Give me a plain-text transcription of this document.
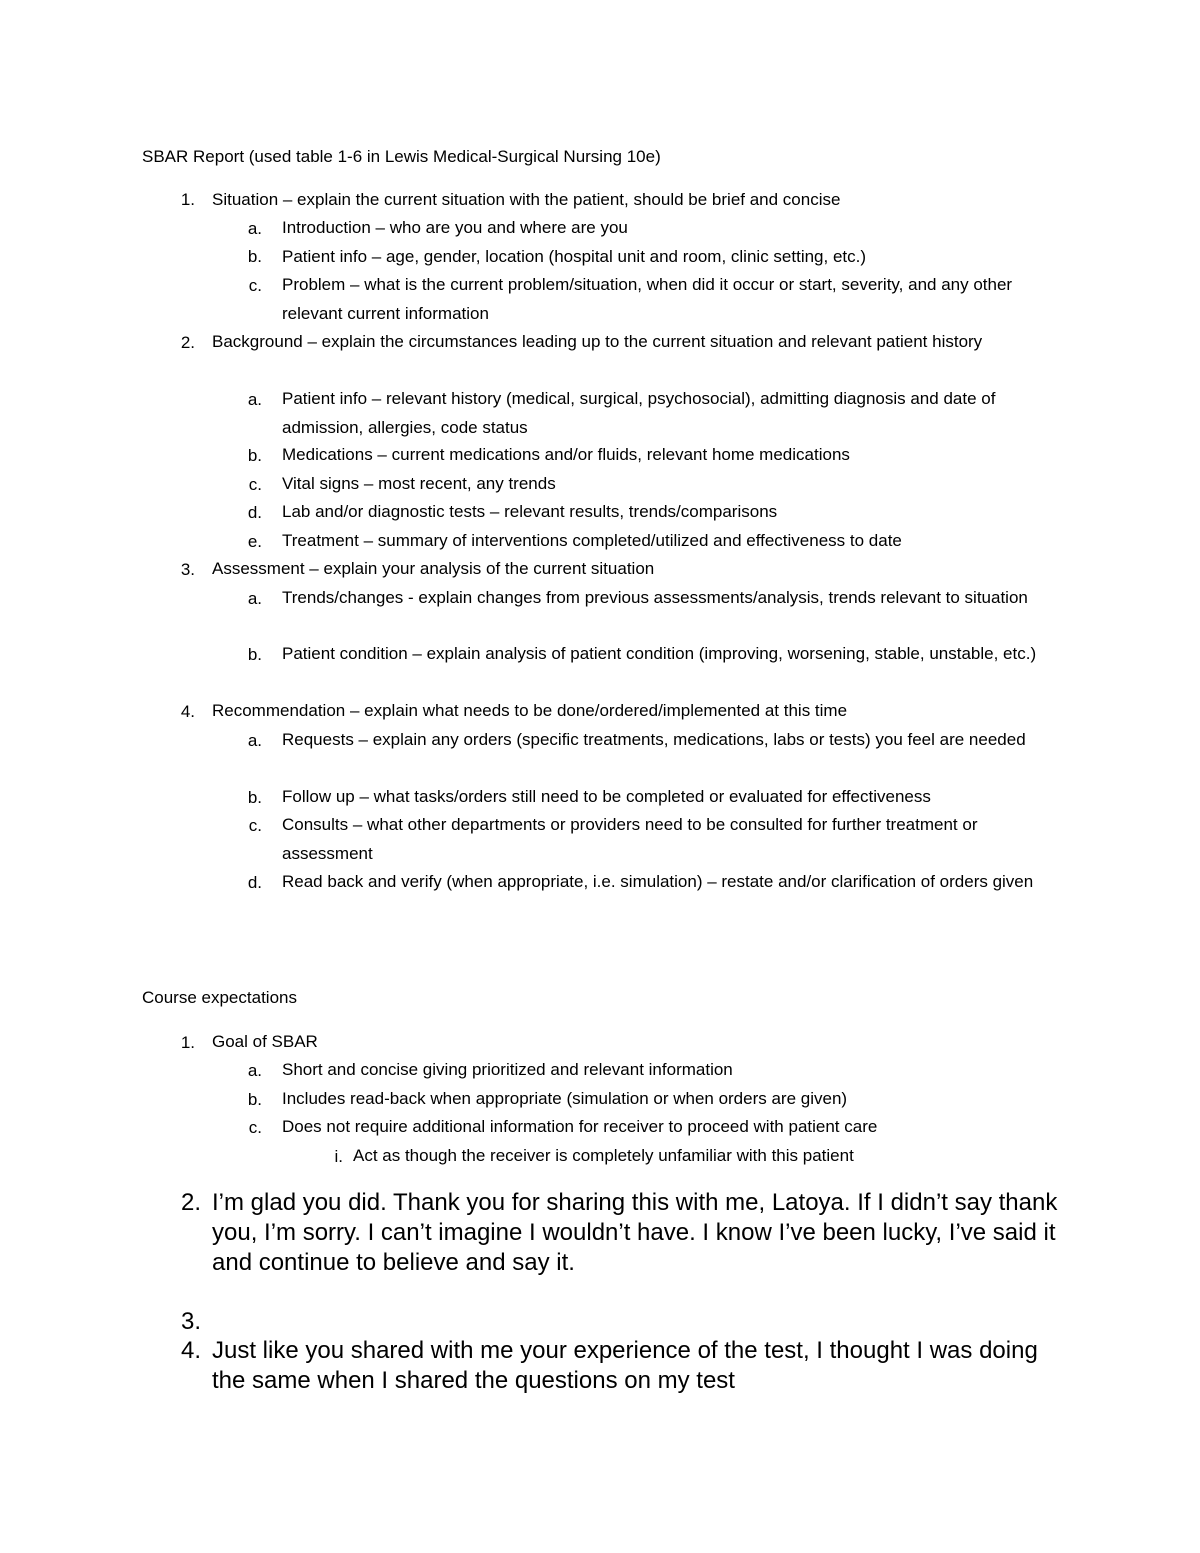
SBAR Report (used table 1-6 in Lewis Medical-Surgical Nursing 10e)
1. Situation – explain the current situation with the patient, should be brief and concise
a. Introduction – who are you and where are you
b. Patient info – age, gender, location (hospital unit and room, clinic setting, etc.)
c. Problem – what is the current problem/situation, when did it occur or start, severity, and any other relevant current information
2. Background – explain the circumstances leading up to the current situation and relevant patient history
a. Patient info – relevant history (medical, surgical, psychosocial), admitting diagnosis and date of admission, allergies, code status
b. Medications – current medications and/or fluids, relevant home medications
c. Vital signs – most recent, any trends
d. Lab and/or diagnostic tests – relevant results, trends/comparisons
e. Treatment – summary of interventions completed/utilized and effectiveness to date
3. Assessment – explain your analysis of the current situation
a. Trends/changes - explain changes from previous assessments/analysis, trends relevant to situation
b. Patient condition – explain analysis of patient condition (improving, worsening, stable, unstable, etc.)
4. Recommendation – explain what needs to be done/ordered/implemented at this time
a. Requests – explain any orders (specific treatments, medications, labs or tests) you feel are needed
b. Follow up – what tasks/orders still need to be completed or evaluated for effectiveness
c. Consults – what other departments or providers need to be consulted for further treatment or assessment
d. Read back and verify (when appropriate, i.e. simulation) – restate and/or clarification of orders given
Course expectations
1. Goal of SBAR
a. Short and concise giving prioritized and relevant information
b. Includes read-back when appropriate (simulation or when orders are given)
c. Does not require additional information for receiver to proceed with patient care
i. Act as though the receiver is completely unfamiliar with this patient
2. I’m glad you did. Thank you for sharing this with me, Latoya. If I didn’t say thank you, I’m sorry. I can’t imagine I wouldn’t have. I know I’ve been lucky, I’ve said it and continue to believe and say it.
3.
4. Just like you shared with me your experience of the test, I thought I was doing the same when I shared the questions on my test
